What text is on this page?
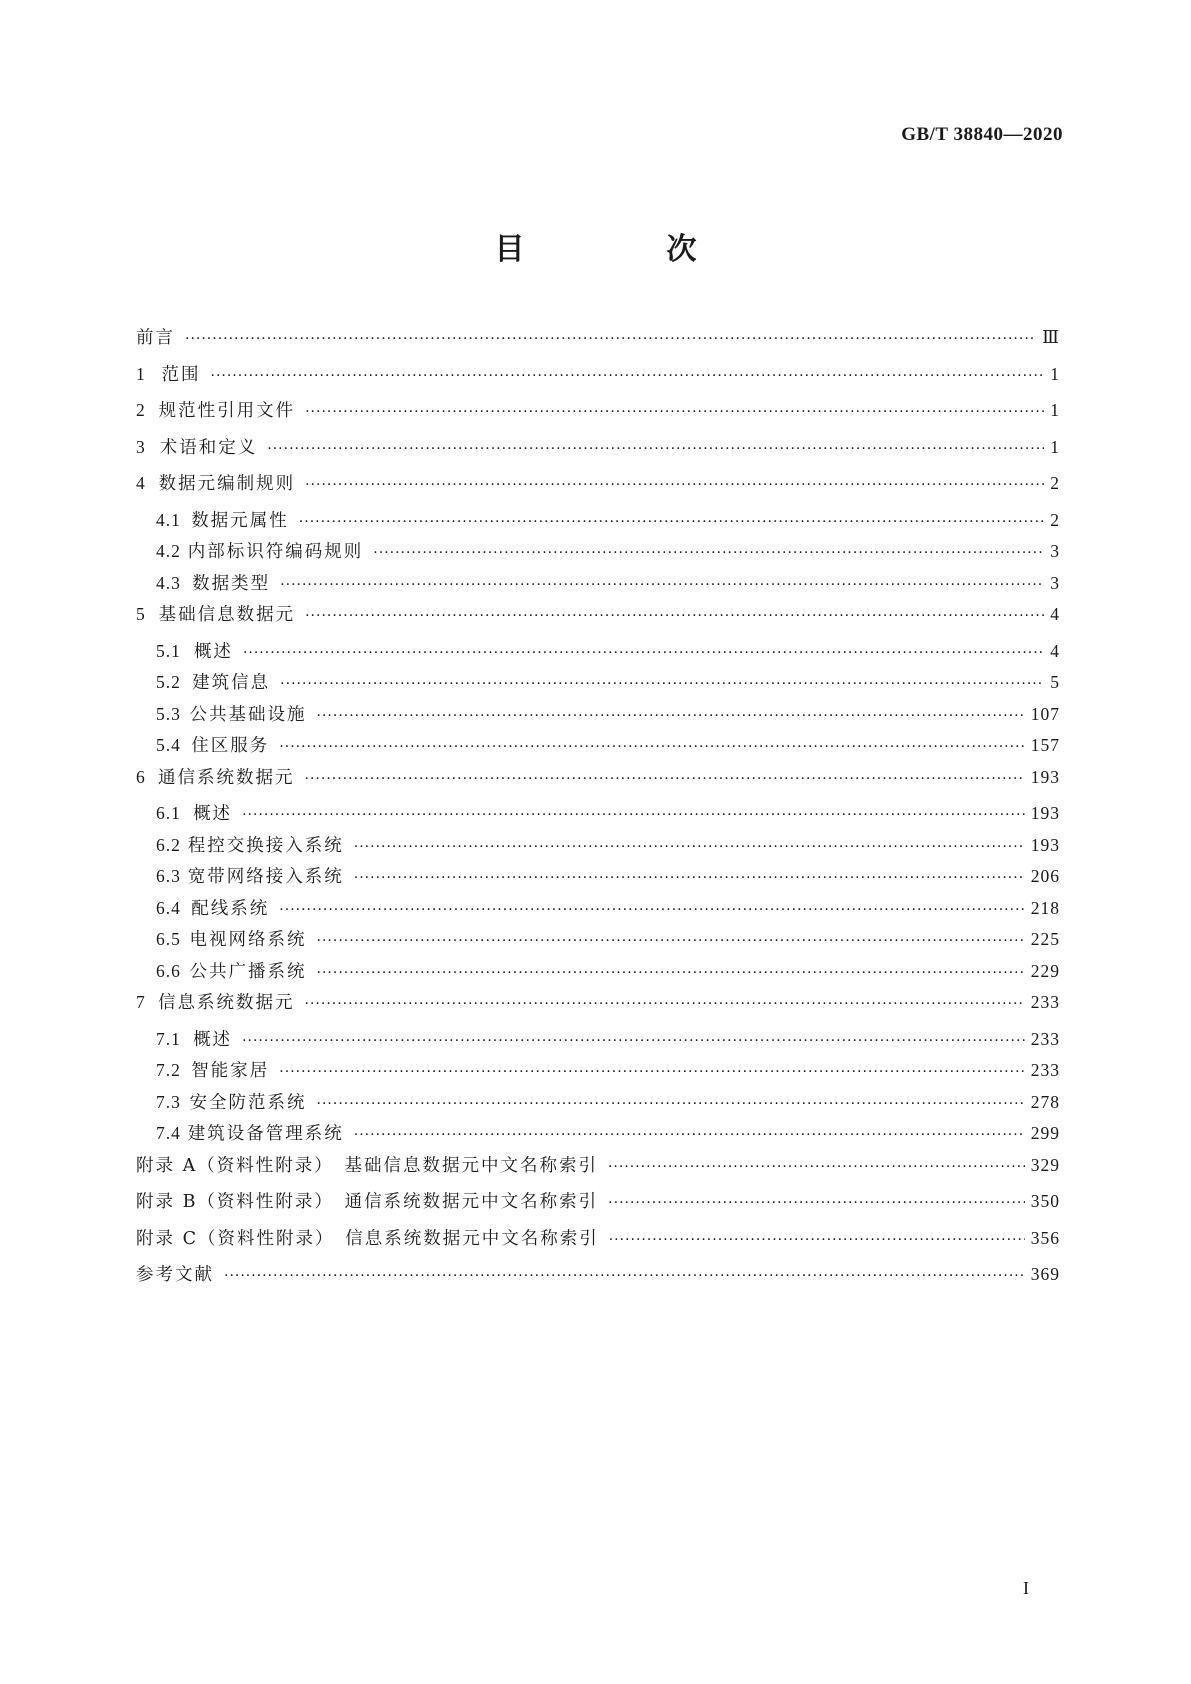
GB/T 38840—2020
目　次
前言 ·····	Ⅲ
1 范围 ·····	1
2 规范性引用文件 ·····	1
3 术语和定义 ·····	1
4 数据元编制规则 ·····	2
4.1 数据元属性 ·····	2
4.2 内部标识符编码规则 ·····	3
4.3 数据类型 ·····	3
5 基础信息数据元 ·····	4
5.1 概述 ·····	4
5.2 建筑信息 ·····	5
5.3 公共基础设施 ·····	107
5.4 住区服务 ·····	157
6 通信系统数据元 ·····	193
6.1 概述 ·····	193
6.2 程控交换接入系统 ·····	193
6.3 宽带网络接入系统 ·····	206
6.4 配线系统 ·····	218
6.5 电视网络系统 ·····	225
6.6 公共广播系统 ·····	229
7 信息系统数据元 ·····	233
7.1 概述 ·····	233
7.2 智能家居 ·····	233
7.3 安全防范系统 ·····	278
7.4 建筑设备管理系统 ·····	299
附录 A（资料性附录）　基础信息数据元中文名称索引 ·····	329
附录 B（资料性附录）　通信系统数据元中文名称索引 ·····	350
附录 C（资料性附录）　信息系统数据元中文名称索引 ·····	356
参考文献 ·····	369
I
